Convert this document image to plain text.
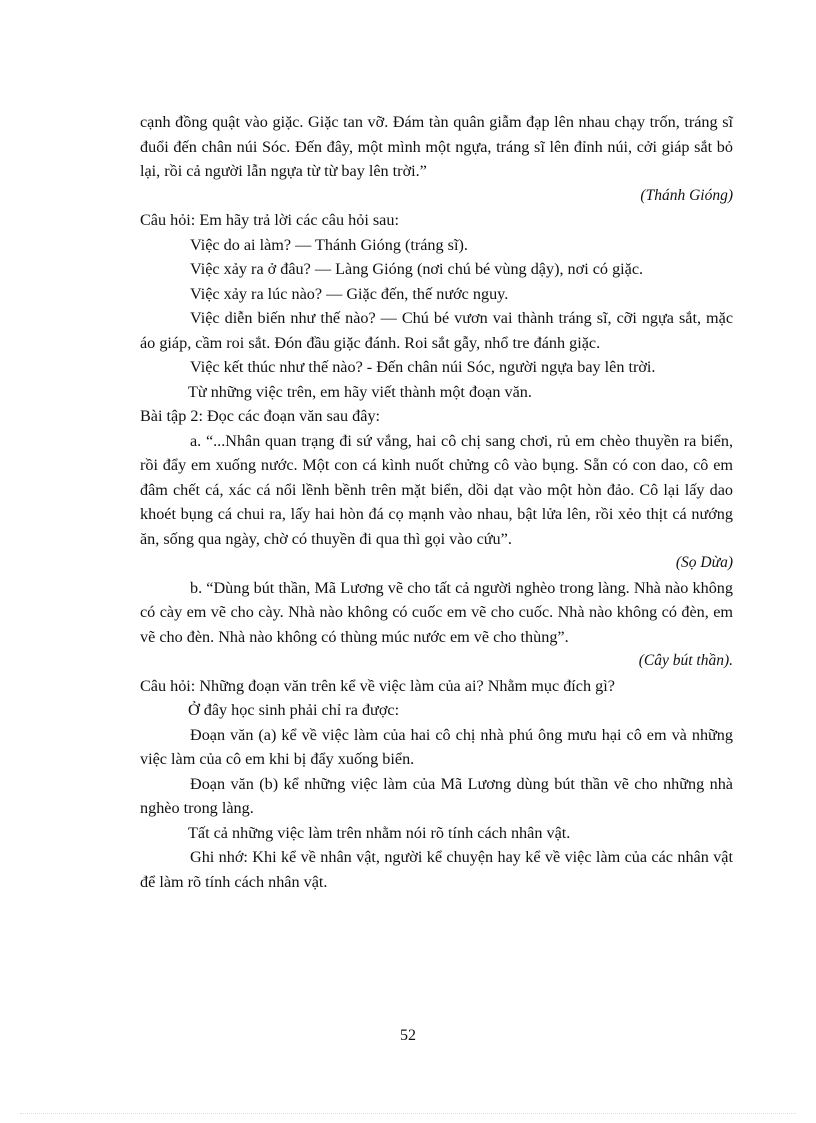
cạnh đồng quật vào giặc. Giặc tan vỡ. Đám tàn quân giẫm đạp lên nhau chạy trốn, tráng sĩ đuổi đến chân núi Sóc. Đến đây, một mình một ngựa, tráng sĩ lên đỉnh núi, cởi giáp sắt bỏ lại, rồi cả người lẫn ngựa từ từ bay lên trời.”

(Thánh Gióng)

Câu hỏi: Em hãy trả lời các câu hỏi sau:

Việc do ai làm? — Thánh Gióng (tráng sĩ).

Việc xảy ra ở đâu? — Làng Gióng (nơi chú bé vùng dậy), nơi có giặc.

Việc xảy ra lúc nào? — Giặc đến, thế nước nguy.

Việc diễn biến như thế nào? — Chú bé vươn vai thành tráng sĩ, cỡi ngựa sắt, mặc áo giáp, cầm roi sắt. Đón đầu giặc đánh. Roi sắt gẫy, nhổ tre đánh giặc.

Việc kết thúc như thế nào? - Đến chân núi Sóc, người ngựa bay lên trời.

Từ những việc trên, em hãy viết thành một đoạn văn.

Bài tập 2: Đọc các đoạn văn sau đây:

a. “...Nhân quan trạng đi sứ vắng, hai cô chị sang chơi, rủ em chèo thuyền ra biển, rồi đẩy em xuống nước. Một con cá kình nuốt chửng cô vào bụng. Sẵn có con dao, cô em đâm chết cá, xác cá nổi lềnh bềnh trên mặt biển, dồi dạt vào một hòn đảo. Cô lại lấy dao khoét bụng cá chui ra, lấy hai hòn đá cọ mạnh vào nhau, bật lửa lên, rồi xẻo thịt cá nướng ăn, sống qua ngày, chờ có thuyền đi qua thì gọi vào cứu”.

(Sọ Dừa)

b. “Dùng bút thần, Mã Lương vẽ cho tất cả người nghèo trong làng. Nhà nào không có cày em vẽ cho cày. Nhà nào không có cuốc em vẽ cho cuốc. Nhà nào không có đèn, em vẽ cho đèn. Nhà nào không có thùng múc nước em vẽ cho thùng”.

(Cây bút thần).

Câu hỏi: Những đoạn văn trên kể về việc làm của ai? Nhằm mục đích gì?

Ở đây học sinh phải chỉ ra được:

Đoạn văn (a) kể về việc làm của hai cô chị nhà phú ông mưu hại cô em và những việc làm của cô em khi bị đẩy xuống biển.

Đoạn văn (b) kể những việc làm của Mã Lương dùng bút thần vẽ cho những nhà nghèo trong làng.

Tất cả những việc làm trên nhằm nói rõ tính cách nhân vật.

Ghi nhớ: Khi kể về nhân vật, người kể chuyện hay kể về việc làm của các nhân vật để làm rõ tính cách nhân vật.

52
